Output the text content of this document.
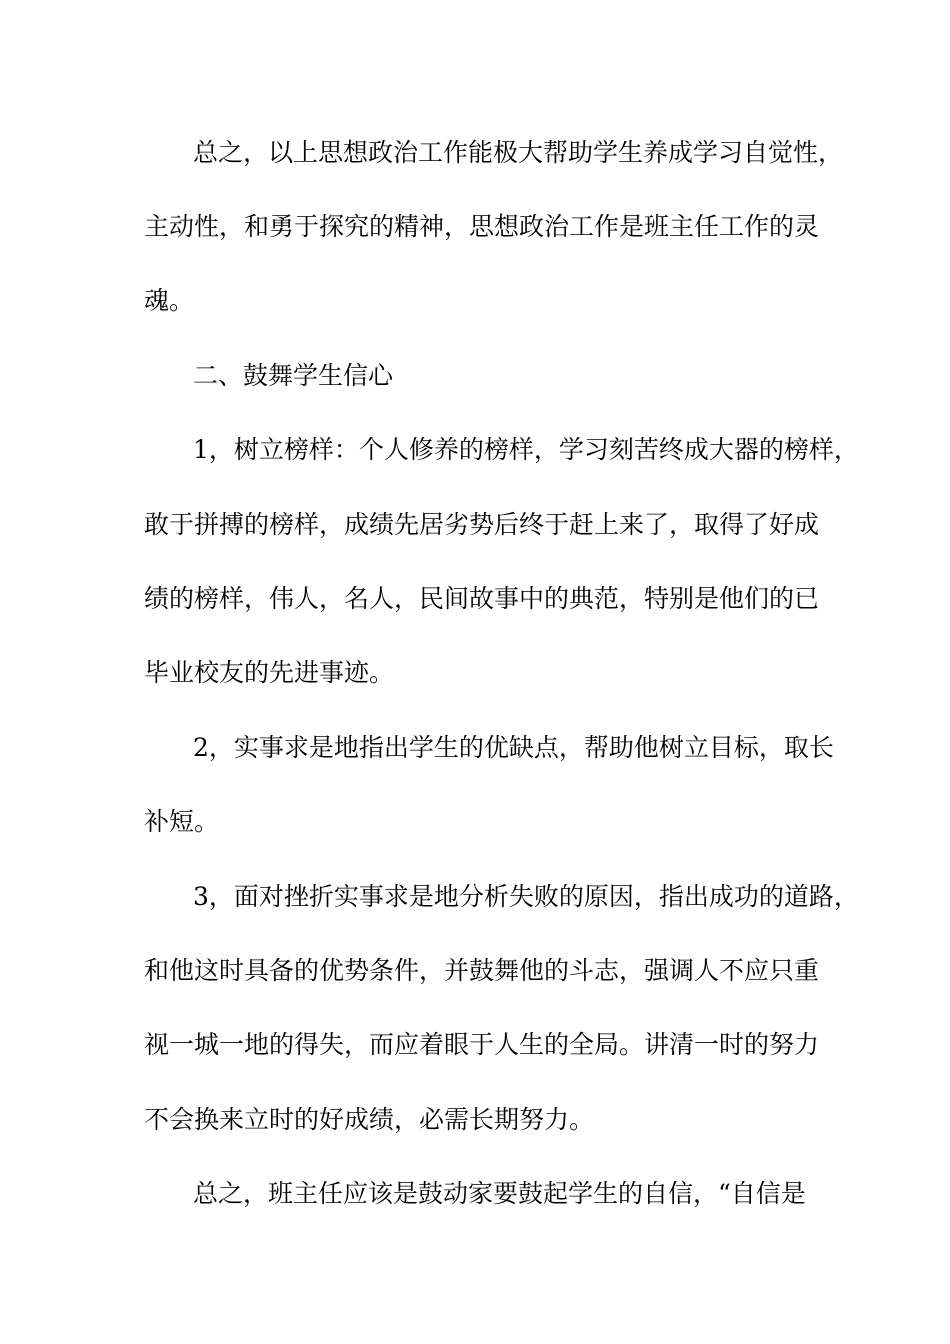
总之，以上思想政治工作能极大帮助学生养成学习自觉性，
主动性，和勇于探究的精神，思想政治工作是班主任工作的灵
魂。
二、鼓舞学生信心
1，树立榜样：个人修养的榜样，学习刻苦终成大器的榜样，
敢于拼搏的榜样，成绩先居劣势后终于赶上来了，取得了好成
绩的榜样，伟人，名人，民间故事中的典范，特别是他们的已
毕业校友的先进事迹。
2，实事求是地指出学生的优缺点，帮助他树立目标，取长
补短。
3，面对挫折实事求是地分析失败的原因，指出成功的道路，
和他这时具备的优势条件，并鼓舞他的斗志，强调人不应只重
视一城一地的得失，而应着眼于人生的全局。讲清一时的努力
不会换来立时的好成绩，必需长期努力。
总之，班主任应该是鼓动家要鼓起学生的自信，“自信是
